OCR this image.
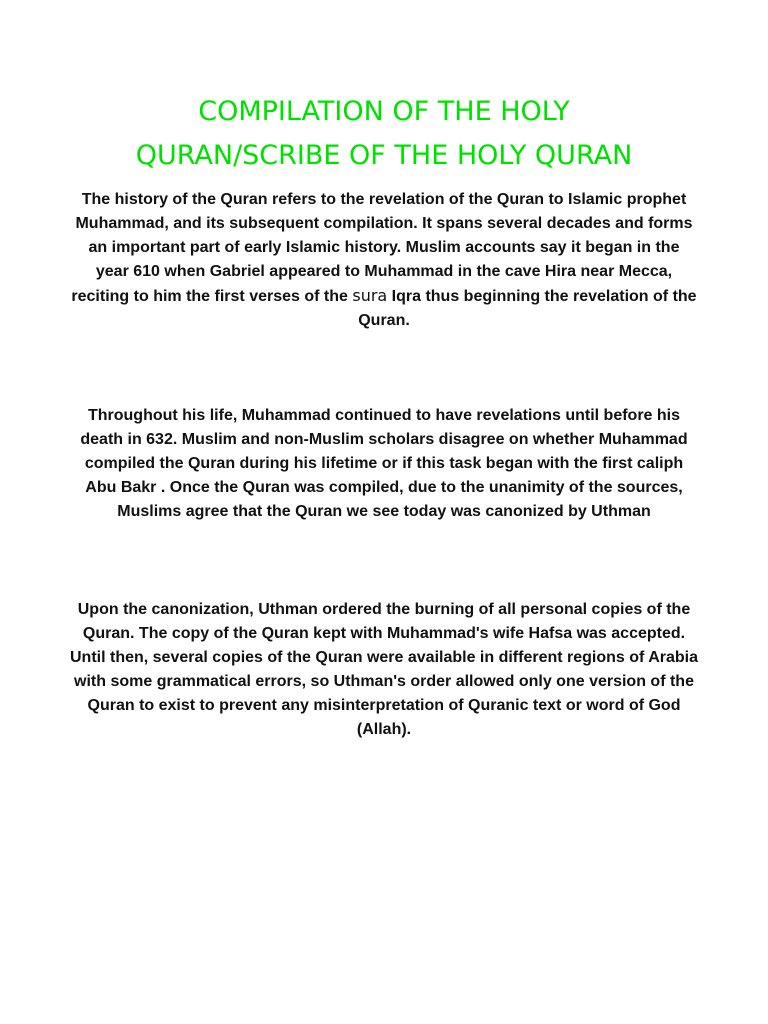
COMPILATION OF THE HOLY
QURAN/SCRIBE OF THE HOLY QURAN

The history of the Quran refers to the revelation of the Quran to Islamic prophet Muhammad, and its subsequent compilation. It spans several decades and forms an important part of early Islamic history. Muslim accounts say it began in the year 610 when Gabriel appeared to Muhammad in the cave Hira near Mecca, reciting to him the first verses of the sura Iqra thus beginning the revelation of the Quran.

Throughout his life, Muhammad continued to have revelations until before his death in 632. Muslim and non-Muslim scholars disagree on whether Muhammad compiled the Quran during his lifetime or if this task began with the first caliph Abu Bakr . Once the Quran was compiled, due to the unanimity of the sources, Muslims agree that the Quran we see today was canonized by Uthman

Upon the canonization, Uthman ordered the burning of all personal copies of the Quran. The copy of the Quran kept with Muhammad's wife Hafsa was accepted. Until then, several copies of the Quran were available in different regions of Arabia with some grammatical errors, so Uthman's order allowed only one version of the Quran to exist to prevent any misinterpretation of Quranic text or word of God (Allah).
